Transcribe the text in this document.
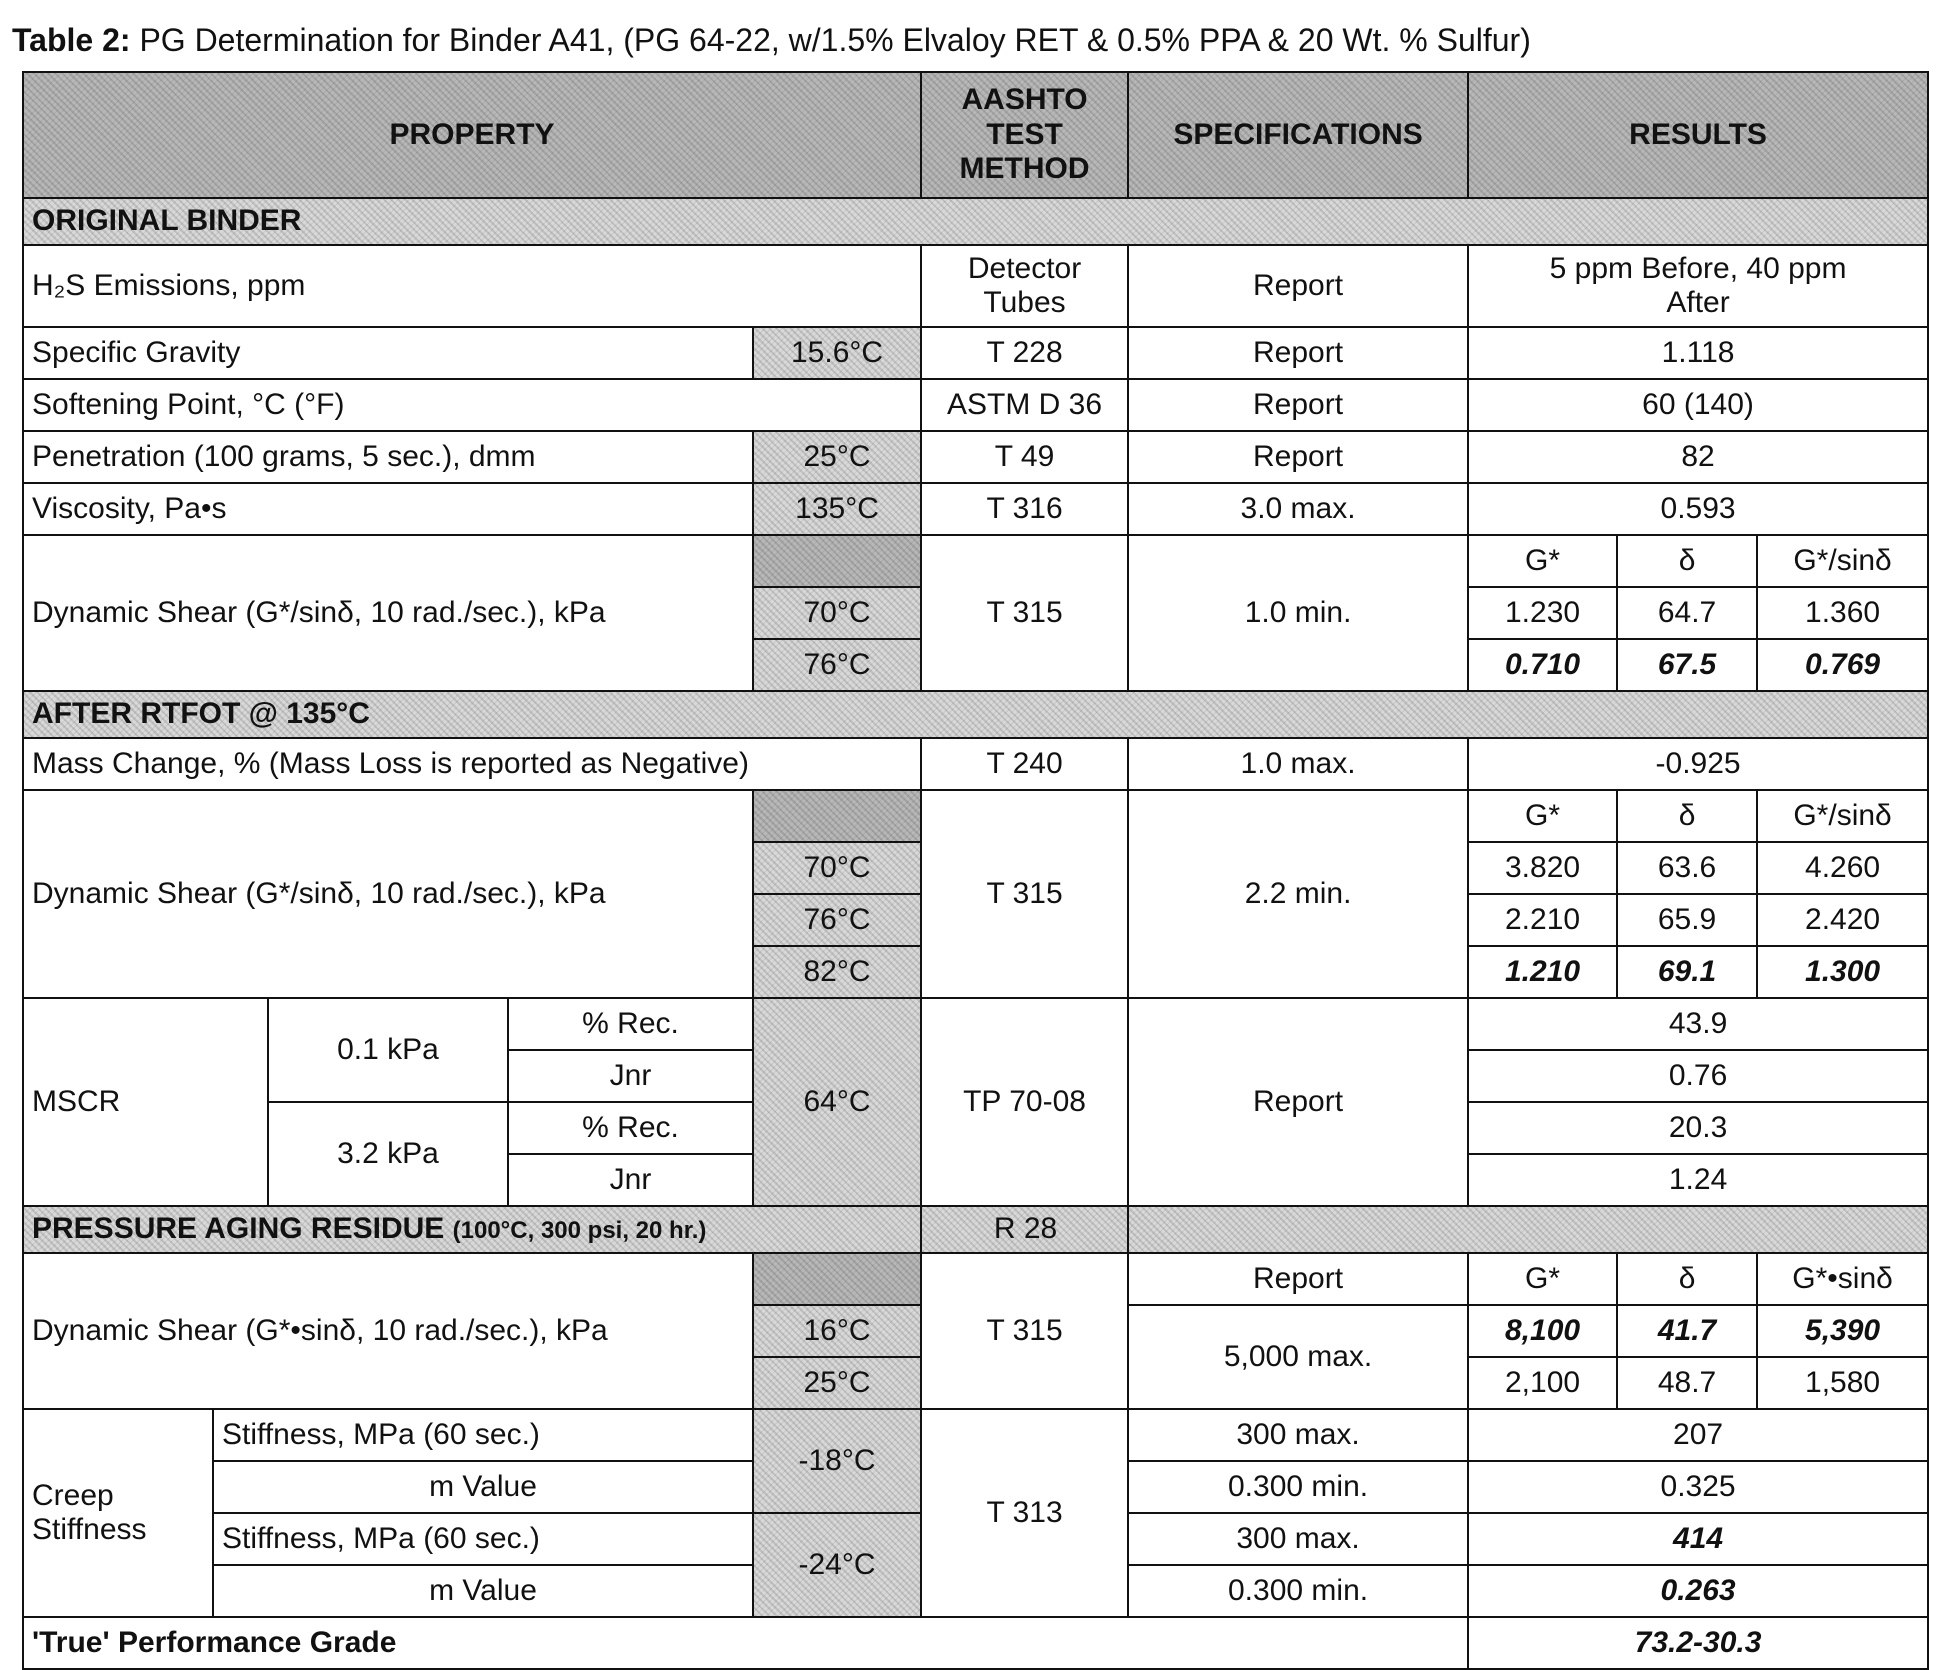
Table 2: PG Determination for Binder A41, (PG 64-22, w/1.5% Elvaloy RET & 0.5% PPA & 20 Wt. % Sulfur)
PROPERTY	AASHTO TEST METHOD	SPECIFICATIONS	RESULTS
ORIGINAL BINDER
H₂S Emissions, ppm	Detector Tubes	Report	5 ppm Before, 40 ppm After
Specific Gravity	15.6°C	T 228	Report	1.118
Softening Point, °C (°F)	ASTM D 36	Report	60 (140)
Penetration (100 grams, 5 sec.), dmm	25°C	T 49	Report	82
Viscosity, Pa•s	135°C	T 316	3.0 max.	0.593
Dynamic Shear (G*/sinδ, 10 rad./sec.), kPa		T 315	1.0 min.	G*	δ	G*/sinδ
70°C	1.230	64.7	1.360
76°C	0.710	67.5	0.769
AFTER RTFOT @ 135°C
Mass Change, % (Mass Loss is reported as Negative)	T 240	1.0 max.	-0.925
Dynamic Shear (G*/sinδ, 10 rad./sec.), kPa		T 315	2.2 min.	G*	δ	G*/sinδ
70°C	3.820	63.6	4.260
76°C	2.210	65.9	2.420
82°C	1.210	69.1	1.300
MSCR	0.1 kPa	% Rec.	64°C	TP 70-08	Report	43.9
Jnr	0.76
3.2 kPa	% Rec.	20.3
Jnr	1.24
PRESSURE AGING RESIDUE (100°C, 300 psi, 20 hr.)	R 28	
Dynamic Shear (G*•sinδ, 10 rad./sec.), kPa		T 315	Report	G*	δ	G*•sinδ
16°C	5,000 max.	8,100	41.7	5,390
25°C	2,100	48.7	1,580
Creep Stiffness	Stiffness, MPa (60 sec.)	-18°C	T 313	300 max.	207
m Value	0.300 min.	0.325
Stiffness, MPa (60 sec.)	-24°C	300 max.	414
m Value	0.300 min.	0.263
'True' Performance Grade	73.2-30.3
